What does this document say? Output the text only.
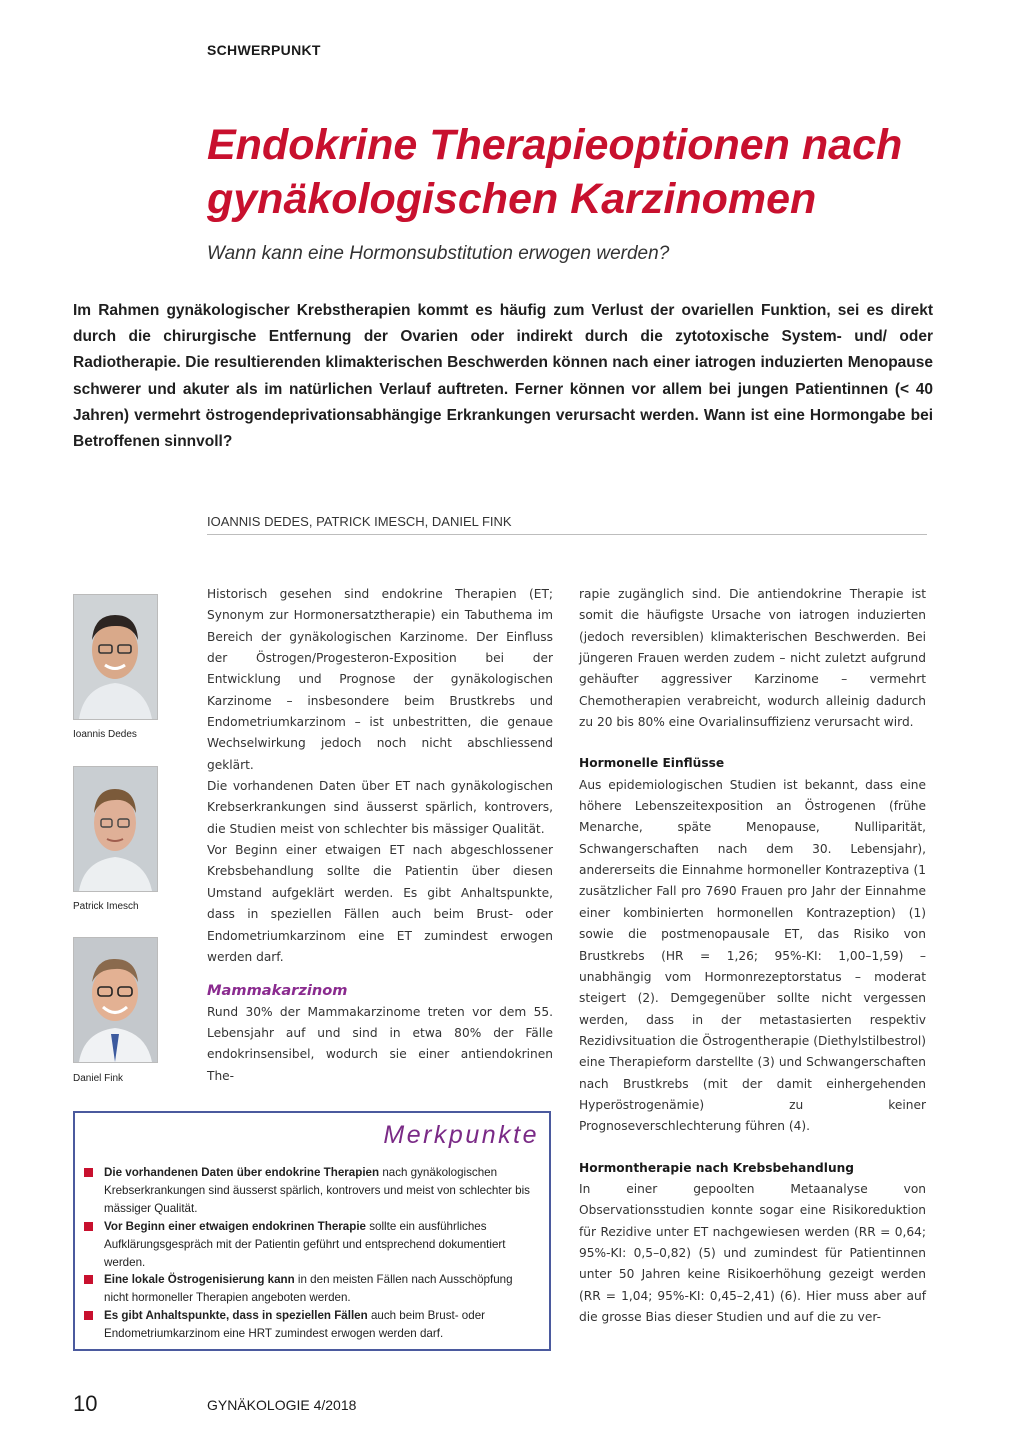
SCHWERPUNKT
Endokrine Therapieoptionen nach gynäkologischen Karzinomen
Wann kann eine Hormonsubstitution erwogen werden?
Im Rahmen gynäkologischer Krebstherapien kommt es häufig zum Verlust der ovariellen Funktion, sei es direkt durch die chirurgische Entfernung der Ovarien oder indirekt durch die zytotoxische System- und/ oder Radiotherapie. Die resultierenden klimakterischen Beschwerden können nach einer iatrogen induzierten Menopause schwerer und akuter als im natürlichen Verlauf auftreten. Ferner können vor allem bei jungen Patientinnen (< 40 Jahren) vermehrt östrogendeprivationsabhängige Erkrankungen verursacht werden. Wann ist eine Hormongabe bei Betroffenen sinnvoll?
IOANNIS DEDES, PATRICK IMESCH, DANIEL FINK
Ioannis Dedes
Patrick Imesch
Daniel Fink

Historisch gesehen sind endokrine Therapien (ET; Synonym zur Hormonersatztherapie) ein Tabuthema im Bereich der gynäkologischen Karzinome. Der Einfluss der Östrogen/Progesteron-Exposition bei der Entwicklung und Prognose der gynäkologischen Karzinome – insbesondere beim Brustkrebs und Endometriumkarzinom – ist unbestritten, die genaue Wechselwirkung jedoch noch nicht abschliessend geklärt.

Die vorhandenen Daten über ET nach gynäkologischen Krebserkrankungen sind äusserst spärlich, kontrovers, die Studien meist von schlechter bis mässiger Qualität.

Vor Beginn einer etwaigen ET nach abgeschlossener Krebsbehandlung sollte die Patientin über diesen Umstand aufgeklärt werden. Es gibt Anhaltspunkte, dass in speziellen Fällen auch beim Brust- oder Endometriumkarzinom eine ET zumindest erwogen werden darf.

Mammakarzinom

Rund 30% der Mammakarzinome treten vor dem 55. Lebensjahr auf und sind in etwa 80% der Fälle endokrinsensibel, wodurch sie einer antiendokrinen The-

rapie zugänglich sind. Die antiendokrine Therapie ist somit die häufigste Ursache von iatrogen induzierten (jedoch reversiblen) klimakterischen Beschwerden. Bei jüngeren Frauen werden zudem – nicht zuletzt aufgrund gehäufter aggressiver Karzinome – vermehrt Chemotherapien verabreicht, wodurch alleinig dadurch zu 20 bis 80% eine Ovarialinsuffizienz verursacht wird.

Hormonelle Einflüsse

Aus epidemiologischen Studien ist bekannt, dass eine höhere Lebenszeitexposition an Östrogenen (frühe Menarche, späte Menopause, Nulliparität, Schwangerschaften nach dem 30. Lebensjahr), andererseits die Einnahme hormoneller Kontrazeptiva (1 zusätzlicher Fall pro 7690 Frauen pro Jahr der Einnahme einer kombinierten hormonellen Kontrazeption) (1) sowie die postmenopausale ET, das Risiko von Brustkrebs (HR = 1,26; 95%-KI: 1,00–1,59) – unabhängig vom Hormonrezeptorstatus – moderat steigert (2). Demgegenüber sollte nicht vergessen werden, dass in der metastasierten respektiv Rezidivsituation die Östrogentherapie (Diethylstilbestrol) eine Therapieform darstellte (3) und Schwangerschaften nach Brustkrebs (mit der damit einhergehenden Hyperöstrogenämie) zu keiner Prognoseverschlechterung führen (4).

Hormontherapie nach Krebsbehandlung

In einer gepoolten Metaanalyse von Observationsstudien konnte sogar eine Risikoreduktion für Rezidive unter ET nachgewiesen werden (RR = 0,64; 95%-KI: 0,5–0,82) (5) und zumindest für Patientinnen unter 50 Jahren keine Risikoerhöhung gezeigt werden (RR = 1,04; 95%-KI: 0,45–2,41) (6). Hier muss aber auf die grosse Bias dieser Studien und auf die zu ver-

Merkpunkte
Die vorhandenen Daten über endokrine Therapien nach gynäkologischen Krebserkrankungen sind äusserst spärlich, kontrovers und meist von schlechter bis mässiger Qualität.
Vor Beginn einer etwaigen endokrinen Therapie sollte ein ausführliches Aufklärungsgespräch mit der Patientin geführt und entsprechend dokumentiert werden.
Eine lokale Östrogenisierung kann in den meisten Fällen nach Ausschöpfung nicht hormoneller Therapien angeboten werden.
Es gibt Anhaltspunkte, dass in speziellen Fällen auch beim Brust- oder Endometriumkarzinom eine HRT zumindest erwogen werden darf.
10	GYNÄKOLOGIE 4/2018
